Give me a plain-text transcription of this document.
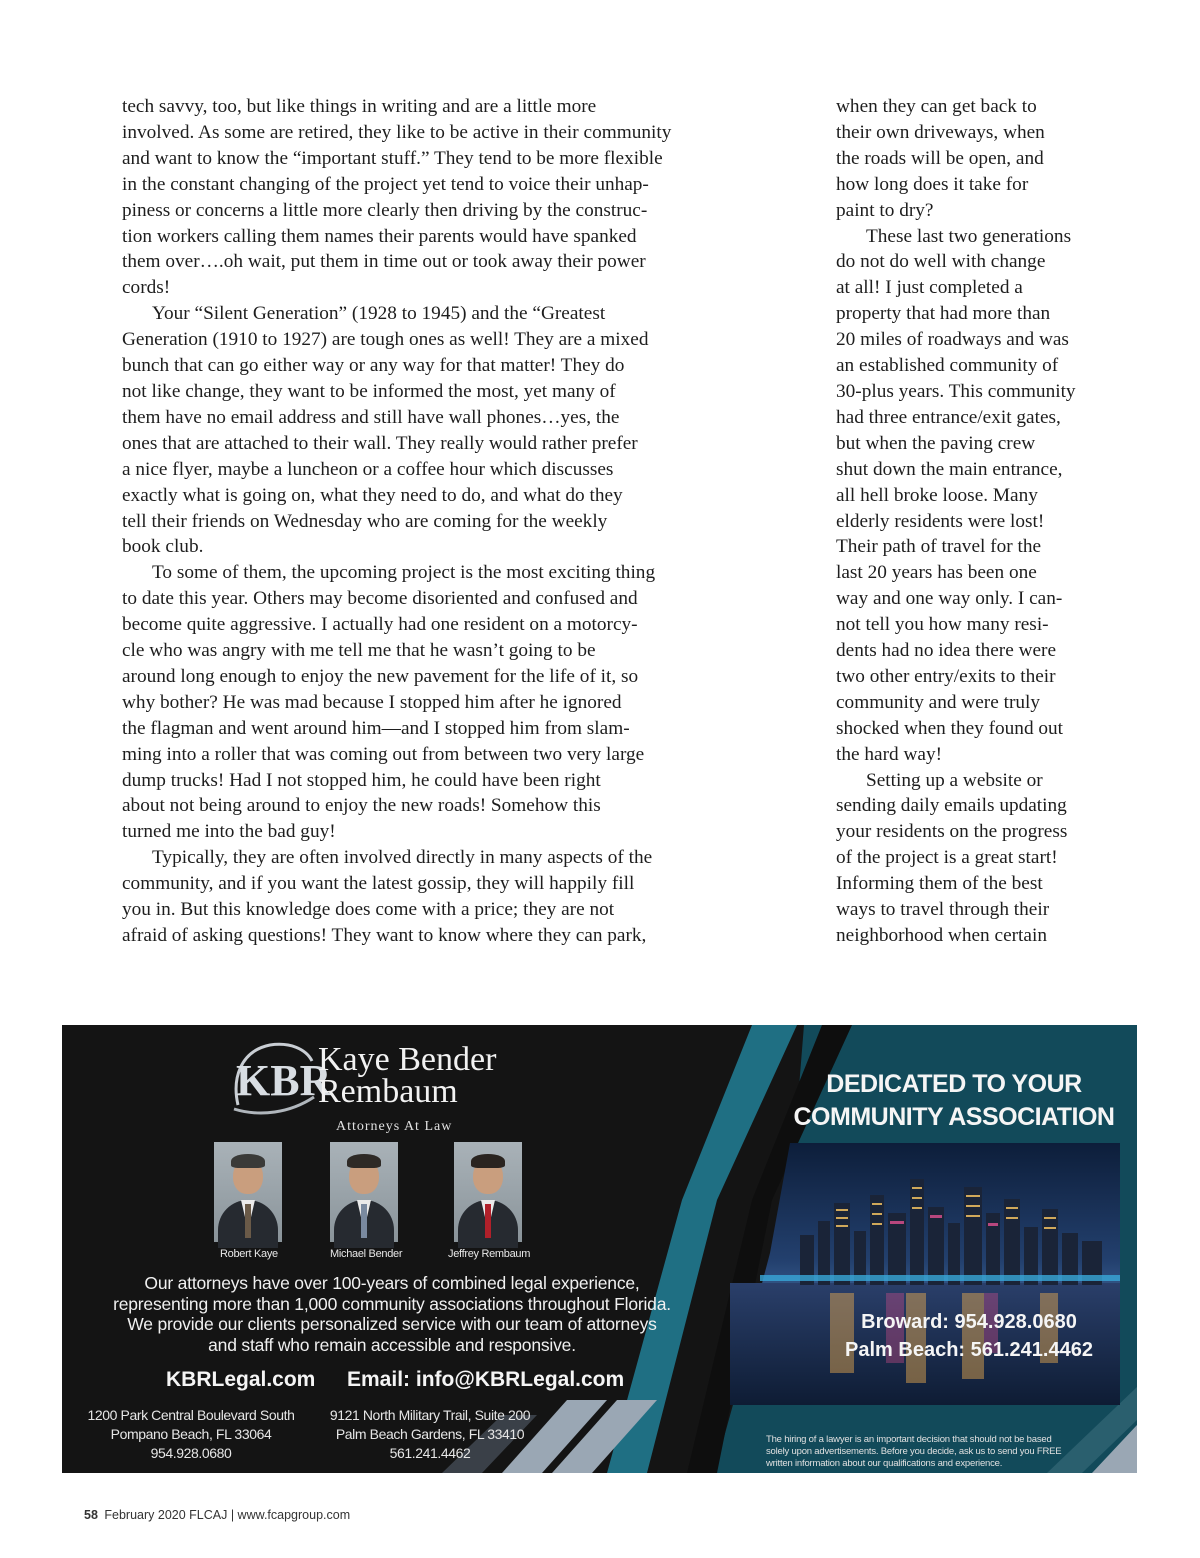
tech savvy, too, but like things in writing and are a little more
involved. As some are retired, they like to be active in their community
and want to know the “important stuff.” They tend to be more flexible
in the constant changing of the project yet tend to voice their unhap-
piness or concerns a little more clearly then driving by the construc-
tion workers calling them names their parents would have spanked
them over….oh wait, put them in time out or took away their power
cords!

Your “Silent Generation” (1928 to 1945) and the “Greatest
Generation (1910 to 1927) are tough ones as well! They are a mixed
bunch that can go either way or any way for that matter! They do
not like change, they want to be informed the most, yet many of
them have no email address and still have wall phones…yes, the
ones that are attached to their wall. They really would rather prefer
a nice flyer, maybe a luncheon or a coffee hour which discusses
exactly what is going on, what they need to do, and what do they
tell their friends on Wednesday who are coming for the weekly
book club.

To some of them, the upcoming project is the most exciting thing
to date this year. Others may become disoriented and confused and
become quite aggressive. I actually had one resident on a motorcy-
cle who was angry with me tell me that he wasn’t going to be
around long enough to enjoy the new pavement for the life of it, so
why bother? He was mad because I stopped him after he ignored
the flagman and went around him—and I stopped him from slam-
ming into a roller that was coming out from between two very large
dump trucks! Had I not stopped him, he could have been right
about not being around to enjoy the new roads! Somehow this
turned me into the bad guy!

Typically, they are often involved directly in many aspects of the
community, and if you want the latest gossip, they will happily fill
you in. But this knowledge does come with a price; they are not
afraid of asking questions! They want to know where they can park,

when they can get back to
their own driveways, when
the roads will be open, and
how long does it take for
paint to dry?

These last two generations
do not do well with change
at all! I just completed a
property that had more than
20 miles of roadways and was
an established community of
30-plus years. This community
had three entrance/exit gates,
but when the paving crew
shut down the main entrance,
all hell broke loose. Many
elderly residents were lost!
Their path of travel for the
last 20 years has been one
way and one way only. I can-
not tell you how many resi-
dents had no idea there were
two other entry/exits to their
community and were truly
shocked when they found out
the hard way!

Setting up a website or
sending daily emails updating
your residents on the progress
of the project is a great start!
Informing them of the best
ways to travel through their
neighborhood when certain

KBR
Kaye Bender
Rembaum
Attorneys At Law
Robert Kaye	Michael Bender	Jeffrey Rembaum
Our attorneys have over 100-years of combined legal experience,
representing more than 1,000 community associations throughout Florida.
We provide our clients personalized service with our team of attorneys
and staff who remain accessible and responsive.
KBRLegal.com Email: info@KBRLegal.com
1200 Park Central Boulevard South
Pompano Beach, FL 33064
954.928.0680
9121 North Military Trail, Suite 200
Palm Beach Gardens, FL 33410
561.241.4462
DEDICATED TO YOUR
COMMUNITY ASSOCIATION
Broward: 954.928.0680
Palm Beach: 561.241.4462
The hiring of a lawyer is an important decision that should not be based
solely upon advertisements. Before you decide, ask us to send you FREE
written information about our qualifications and experience.
58 February 2020 FLCAJ | www.fcapgroup.com
